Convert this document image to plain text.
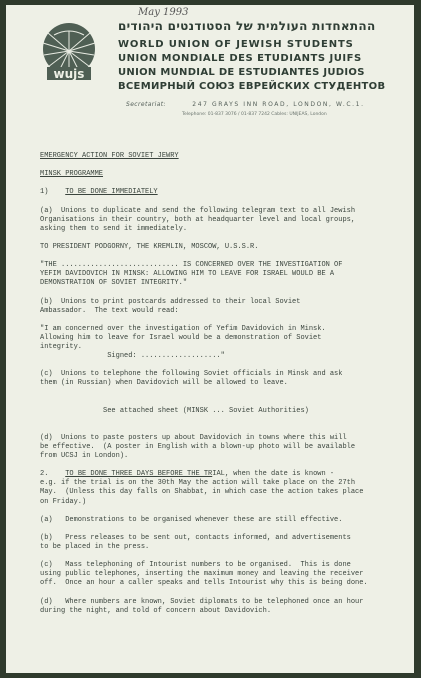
wujs

May 1993

ההתאחדות העולמית של הסטודנטים היהודים

WORLD UNION OF JEWISH STUDENTS

UNION MONDIALE DES ETUDIANTS JUIFS

UNION MUNDIAL DE ESTUDIANTES JUDIOS

ВСЕМИРНЫЙ СОЮЗ ЕВРЕЙСКИХ СТУДЕНТОВ

Secretariat:	247 GRAYS INN ROAD, LONDON, W.C.1.

Telephone: 01-837 3076 / 01-837 7242 Cables: UNIJEAS, London

EMERGENCY ACTION FOR SOVIET JEWRY

MINSK PROGRAMME

1)    TO BE DONE IMMEDIATELY

(a)  Unions to duplicate and send the following telegram text to all Jewish

Organisations in their country, both at headquarter level and local groups,

asking them to send it immediately.

TO PRESIDENT PODGORNY, THE KREMLIN, MOSCOW, U.S.S.R.

"THE ............................ IS CONCERNED OVER THE INVESTIGATION OF

YEFIM DAVIDOVICH IN MINSK: ALLOWING HIM TO LEAVE FOR ISRAEL WOULD BE A

DEMONSTRATION OF SOVIET INTEGRITY."

(b)  Unions to print postcards addressed to their local Soviet

Ambassador.  The text would read:

"I am concerned over the investigation of Yefim Davidovich in Minsk.

Allowing him to leave for Israel would be a demonstration of Soviet

integrity.

Signed: ..................."

(c)  Unions to telephone the following Soviet officials in Minsk and ask

them (in Russian) when Davidovich will be allowed to leave.

See attached sheet (MINSK ... Soviet Authorities)

(d)  Unions to paste posters up about Davidovich in towns where this will

be effective.  (A poster in English with a blown-up photo will be available

from UCSJ in London).

2.    TO BE DONE THREE DAYS BEFORE THE TRIAL, when the date is known -

e.g. if the trial is on the 30th May the action will take place on the 27th

May.  (Unless this day falls on Shabbat, in which case the action takes place

on Friday.)

(a)   Demonstrations to be organised whenever these are still effective.

(b)   Press releases to be sent out, contacts informed, and advertisements

to be placed in the press.

(c)   Mass telephoning of Intourist numbers to be organised.  This is done

using public telephones, inserting the maximum money and leaving the receiver

off.  Once an hour a caller speaks and tells Intourist why this is being done.

(d)   Where numbers are known, Soviet diplomats to be telephoned once an hour

during the night, and told of concern about Davidovich.
